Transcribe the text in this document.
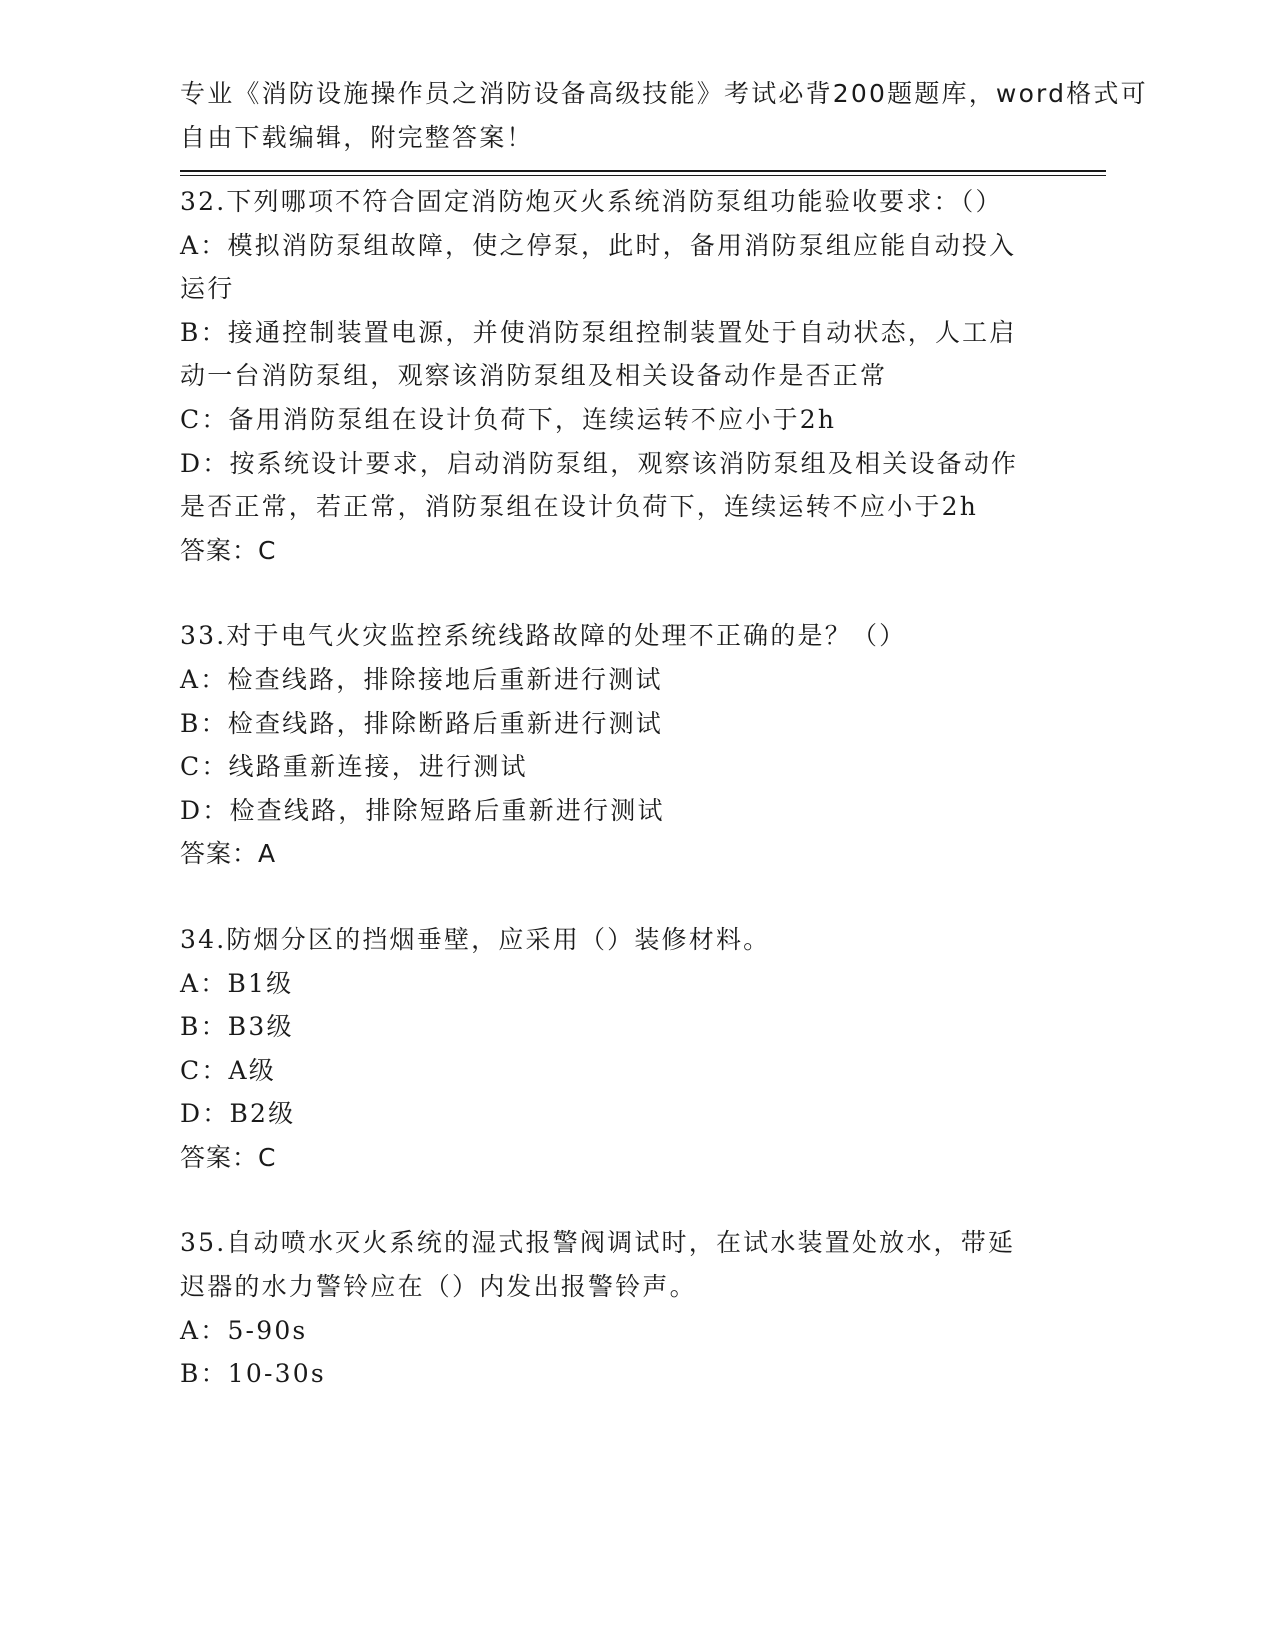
专业《消防设施操作员之消防设备高级技能》考试必背200题题库，word格式可
自由下载编辑，附完整答案！
32.下列哪项不符合固定消防炮灭火系统消防泵组功能验收要求：（）
A：模拟消防泵组故障，使之停泵，此时，备用消防泵组应能自动投入
运行
B：接通控制装置电源，并使消防泵组控制装置处于自动状态，人工启
动一台消防泵组，观察该消防泵组及相关设备动作是否正常
C：备用消防泵组在设计负荷下，连续运转不应小于2h
D：按系统设计要求，启动消防泵组，观察该消防泵组及相关设备动作
是否正常，若正常，消防泵组在设计负荷下，连续运转不应小于2h
答案：C
33.对于电气火灾监控系统线路故障的处理不正确的是？（）
A：检查线路，排除接地后重新进行测试
B：检查线路，排除断路后重新进行测试
C：线路重新连接，进行测试
D：检查线路，排除短路后重新进行测试
答案：A
34.防烟分区的挡烟垂壁，应采用（）装修材料。
A：B1级
B：B3级
C：A级
D：B2级
答案：C
35.自动喷水灭火系统的湿式报警阀调试时，在试水装置处放水，带延
迟器的水力警铃应在（）内发出报警铃声。
A：5-90s
B：10-30s
